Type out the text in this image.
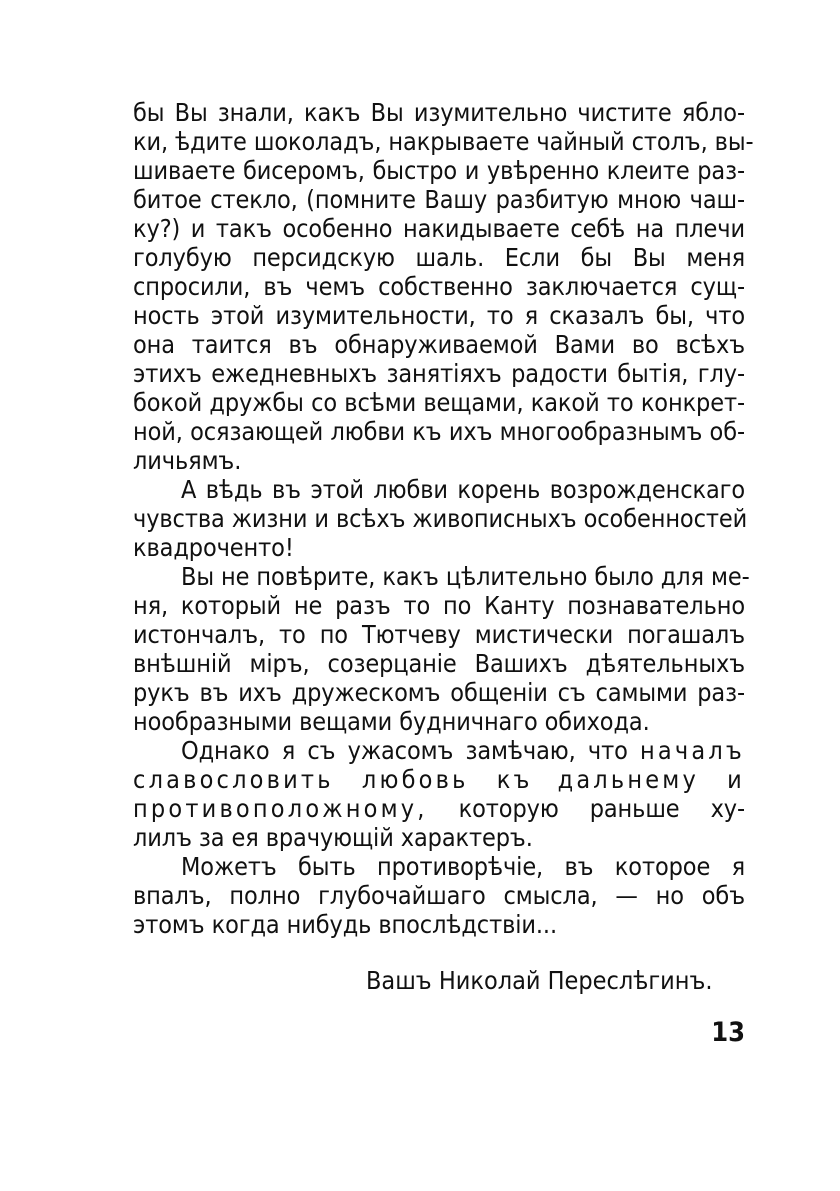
бы Вы знали, какъ Вы изумительно чистите ябло-
ки, ѣдите шоколадъ, накрываете чайный столъ, вы-
шиваете бисеромъ, быстро и увѣренно клеите раз-
битое стекло, (помните Вашу разбитую мною чаш-
ку?) и такъ особенно накидываете себѣ на плечи
голубую персидскую шаль. Если бы Вы меня
спросили, въ чемъ собственно заключается сущ-
ность этой изумительности, то я сказалъ бы, что
она таится въ обнаруживаемой Вами во всѣхъ
этихъ ежедневныхъ занятіяхъ радости бытія, глу-
бокой дружбы со всѣми вещами, какой то конкрет-
ной, осязающей любви къ ихъ многообразнымъ об-
личьямъ.
А вѣдь въ этой любви корень возрожденскаго
чувства жизни и всѣхъ живописныхъ особенностей
квадроченто!
Вы не повѣрите, какъ цѣлительно было для ме-
ня, который не разъ то по Канту познавательно
истончалъ, то по Тютчеву мистически погашалъ
внѣшній міръ, созерцаніе Вашихъ дѣятельныхъ
рукъ въ ихъ дружескомъ общеніи съ самыми раз-
нообразными вещами будничнаго обихода.
Однако я съ ужасомъ замѣчаю, что началъ
славословить любовь къ дальнему и
противоположному, которую раньше ху-
лилъ за ея врачующій характеръ.
Можетъ быть противорѣчіе, въ которое я
впалъ, полно глубочайшаго смысла, — но объ
этомъ когда нибудь впослѣдствіи...
Вашъ Николай Переслѣгинъ.
13
